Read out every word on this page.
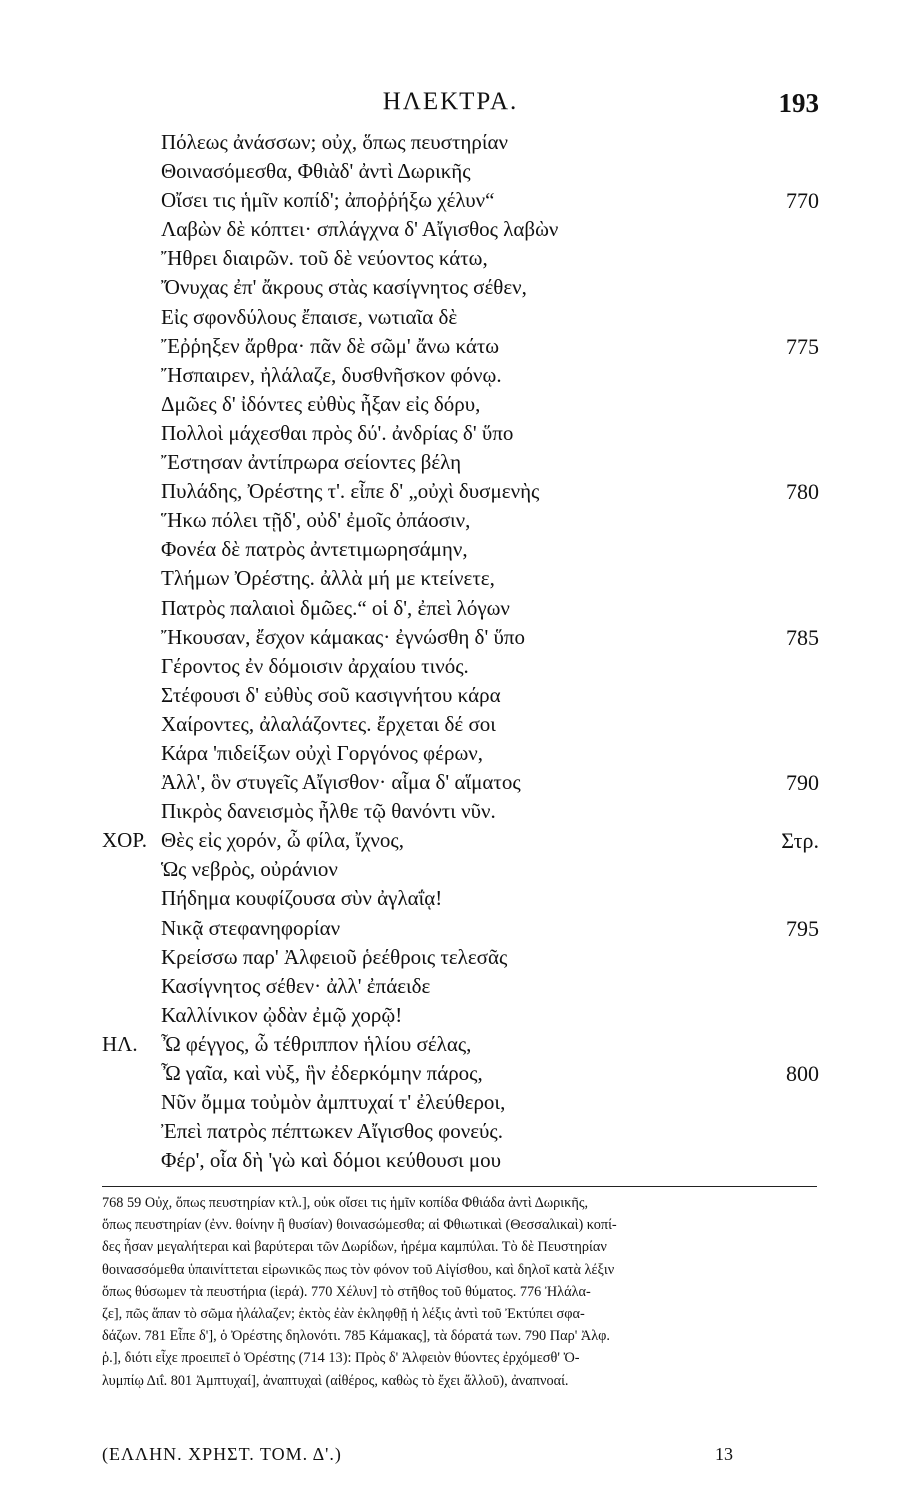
ΗΛΕΚΤΡΑ.	193
Πόλεως ἀνάσσων; οὐχ, ὅπως πευστηρίαν
Θοινασόμεσθα, Φθιὰδ' ἀντὶ Δωρικῆς
Οἴσει τις ἡμῖν κοπίδ'; ἀποῤῥήξω χέλυν“	770
Λαβὼν δὲ κόπτει· σπλάγχνα δ' Αἴγισθος λαβὼν
Ἤθρει διαιρῶν. τοῦ δὲ νεύοντος κάτω,
Ὄνυχας ἐπ' ἄκρους στὰς κασίγνητος σέθεν,
Εἰς σφονδύλους ἔπαισε, νωτιαῖα δὲ
Ἔῤῥηξεν ἄρθρα· πᾶν δὲ σῶμ' ἄνω κάτω	775
Ἤσπαιρεν, ἠλάλαζε, δυσθνῆσκον φόνῳ.
Δμῶες δ' ἰδόντες εὐθὺς ἦξαν εἰς δόρυ,
Πολλοὶ μάχεσθαι πρὸς δύ'. ἀνδρίας δ' ὕπο
Ἔστησαν ἀντίπρωρα σείοντες βέλη
Πυλάδης, Ὀρέστης τ'. εἶπε δ' „οὐχὶ δυσμενὴς	780
Ἥκω πόλει τῇδ', οὐδ' ἐμοῖς ὀπάοσιν,
Φονέα δὲ πατρὸς ἀντετιμωρησάμην,
Τλήμων Ὀρέστης. ἀλλὰ μή με κτείνετε,
Πατρὸς παλαιοὶ δμῶες.“ οἱ δ', ἐπεὶ λόγων
Ἤκουσαν, ἔσχον κάμακας· ἐγνώσθη δ' ὕπο	785
Γέροντος ἐν δόμοισιν ἀρχαίου τινός.
Στέφουσι δ' εὐθὺς σοῦ κασιγνήτου κάρα
Χαίροντες, ἀλαλάζοντες. ἔρχεται δέ σοι
Κάρα 'πιδείξων οὐχὶ Γοργόνος φέρων,
Ἀλλ', ὃν στυγεῖς Αἴγισθον· αἷμα δ' αἵματος	790
Πικρὸς δανεισμὸς ἦλθε τῷ θανόντι νῦν.
ΧΟΡ. Θὲς εἰς χορόν, ὦ φίλα, ἴχνος,	Στρ.
Ὡς νεβρὸς, οὐράνιον
Πήδημα κουφίζουσα σὺν ἀγλαΐᾳ!
Νικᾷ στεφανηφορίαν	795
Κρείσσω παρ' Ἀλφειοῦ ῥεέθροις τελεσᾶς
Κασίγνητος σέθεν· ἀλλ' ἐπάειδε
Καλλίνικον ᾠδὰν ἐμῷ χορῷ!
ΗΛ. Ὦ φέγγος, ὦ τέθριππον ἡλίου σέλας,
Ὦ γαῖα, καὶ νὺξ, ἣν ἐδερκόμην πάρος,	800
Νῦν ὄμμα τοὐμὸν ἀμπτυχαί τ' ἐλεύθεροι,
Ἐπεὶ πατρὸς πέπτωκεν Αἴγισθος φονεύς.
Φέρ', οἷα δὴ 'γὼ καὶ δόμοι κεύθουσι μου
768 59 Οὐχ, ὅπως πευστηρίαν κτλ.], οὐκ οἴσει τις ἡμῖν κοπίδα Φθιάδα ἀντὶ Δωρικῆς,
ὅπως πευστηρίαν (ἐνν. θοίνην ἢ θυσίαν) θοινασώμεσθα; αἱ Φθιωτικαὶ (Θεσσαλικαὶ) κοπί-
δες ἦσαν μεγαλήτεραι καὶ βαρύτεραι τῶν Δωρίδων, ἠρέμα καμπύλαι. Τὸ δὲ Πευστηρίαν
θοινασσόμεθα ὑπαινίττεται εἰρωνικῶς πως τὸν φόνον τοῦ Αἰγίσθου, καὶ δηλοῖ κατὰ λέξιν
ὅπως θύσωμεν τὰ πευστήρια (ἱερά). 770 Χέλυν] τὸ στῆθος τοῦ θύματος. 776 Ἠλάλα-
ζε], πῶς ἅπαν τὸ σῶμα ἠλάλαζεν; ἐκτὸς ἐὰν ἐκληφθῇ ἡ λέξις ἀντὶ τοῦ Ἐκτύπει σφα-
δάζων. 781 Εἶπε δ'], ὁ Ὀρέστης δηλονότι. 785 Κάμακας], τὰ δόρατά των. 790 Παρ' Ἀλφ.
ῥ.], διότι εἶχε προειπεῖ ὁ Ὀρέστης (714 13): Πρὸς δ' Ἀλφειὸν θύοντες ἐρχόμεσθ' Ὀ-
λυμπίῳ Διΐ. 801 Ἀμπτυχαί], ἀναπτυχαὶ (αἰθέρος, καθὼς τὸ ἔχει ἄλλοῦ), ἀναπνοαί.
(ΕΛΛΗΝ. ΧΡΗΣΤ. ΤΟΜ. Δ'.)	13
